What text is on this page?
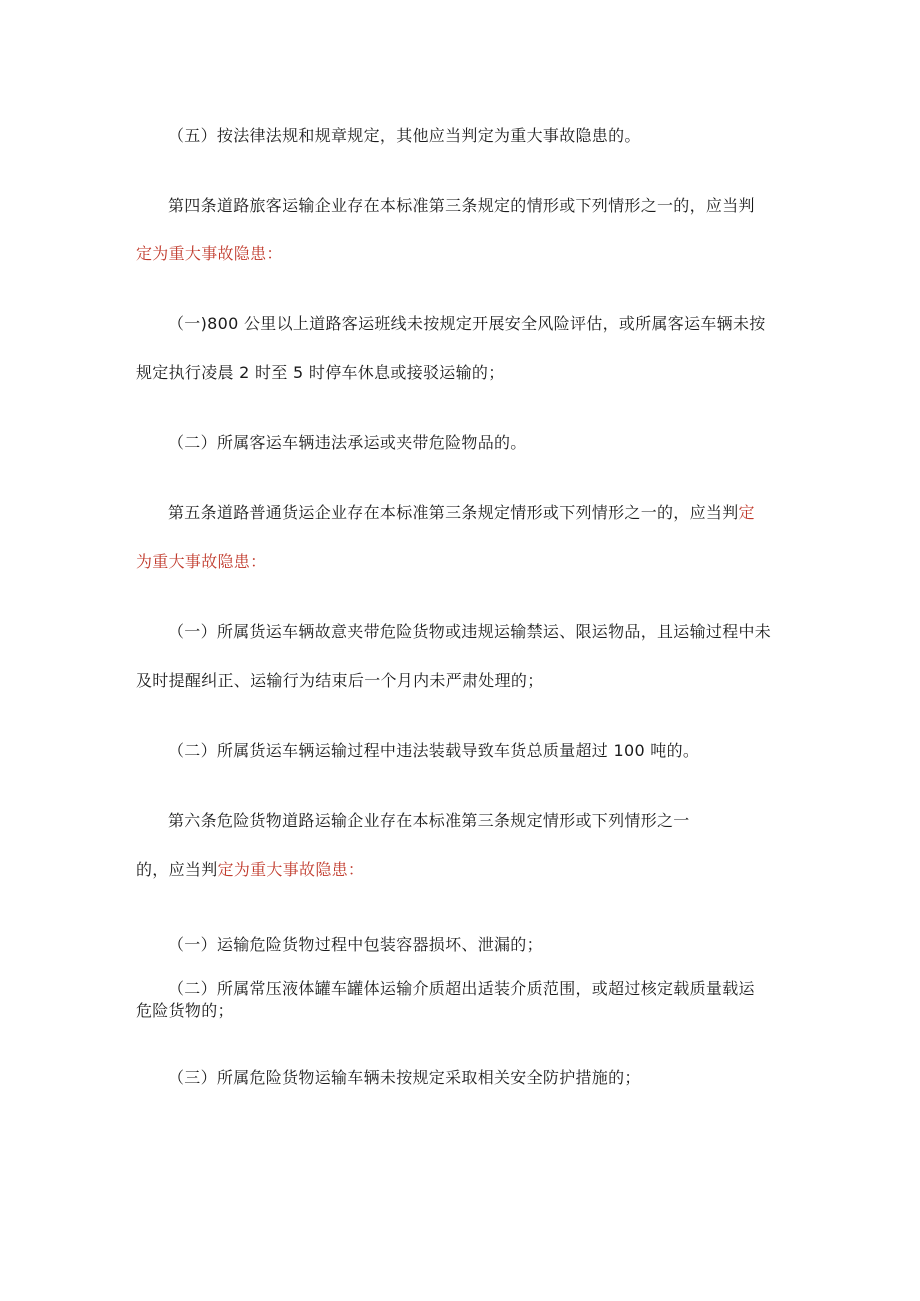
（五）按法律法规和规章规定，其他应当判定为重大事故隐患的。
第四条道路旅客运输企业存在本标准第三条规定的情形或下列情形之一的，应当判
定为重大事故隐患：
（一)800 公里以上道路客运班线未按规定开展安全风险评估，或所属客运车辆未按
规定执行凌晨 2 时至 5 时停车休息或接驳运输的；
（二）所属客运车辆违法承运或夹带危险物品的。
第五条道路普通货运企业存在本标准第三条规定情形或下列情形之一的，应当判定
为重大事故隐患：
（一）所属货运车辆故意夹带危险货物或违规运输禁运、限运物品，且运输过程中未
及时提醒纠正、运输行为结束后一个月内未严肃处理的；
（二）所属货运车辆运输过程中违法装载导致车货总质量超过 100 吨的。
第六条危险货物道路运输企业存在本标准第三条规定情形或下列情形之一
的，应当判定为重大事故隐患：
（一）运输危险货物过程中包装容器损坏、泄漏的；
（二）所属常压液体罐车罐体运输介质超出适装介质范围，或超过核定载质量载运
危险货物的；
（三）所属危险货物运输车辆未按规定采取相关安全防护措施的；
